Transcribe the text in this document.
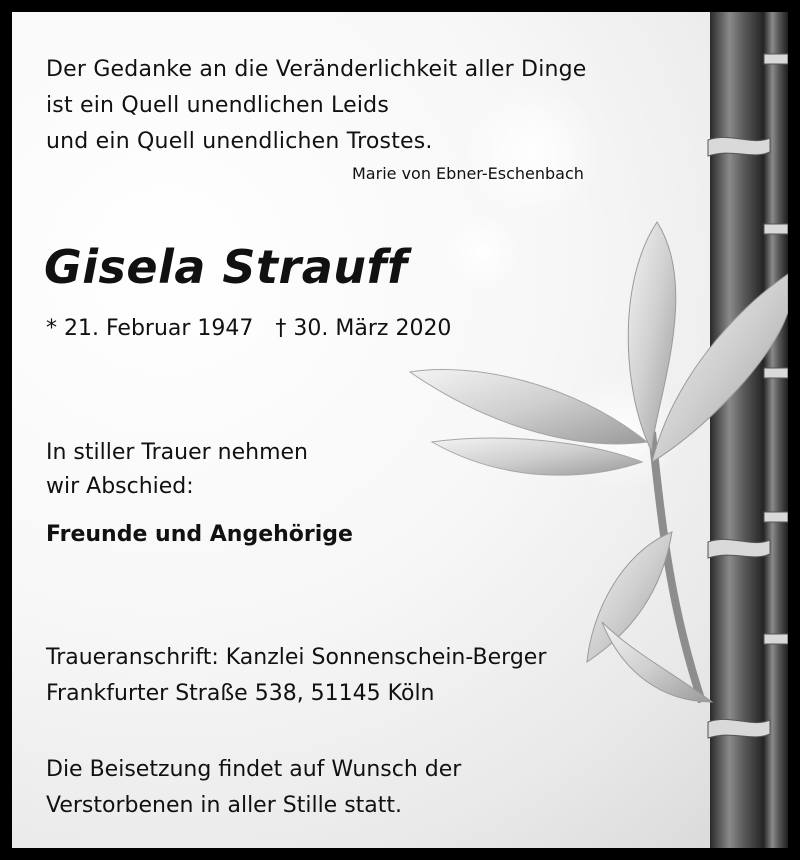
Der Gedanke an die Veränderlichkeit aller Dinge
ist ein Quell unendlichen Leids
und ein Quell unendlichen Trostes.

Marie von Ebner-Eschenbach

Gisela Strauff

* 21. Februar 1947 † 30. März 2020

In stiller Trauer nehmen
wir Abschied:

Freunde und Angehörige

Traueranschrift: Kanzlei Sonnenschein-Berger
Frankfurter Straße 538, 51145 Köln

Die Beisetzung findet auf Wunsch der
Verstorbenen in aller Stille statt.
